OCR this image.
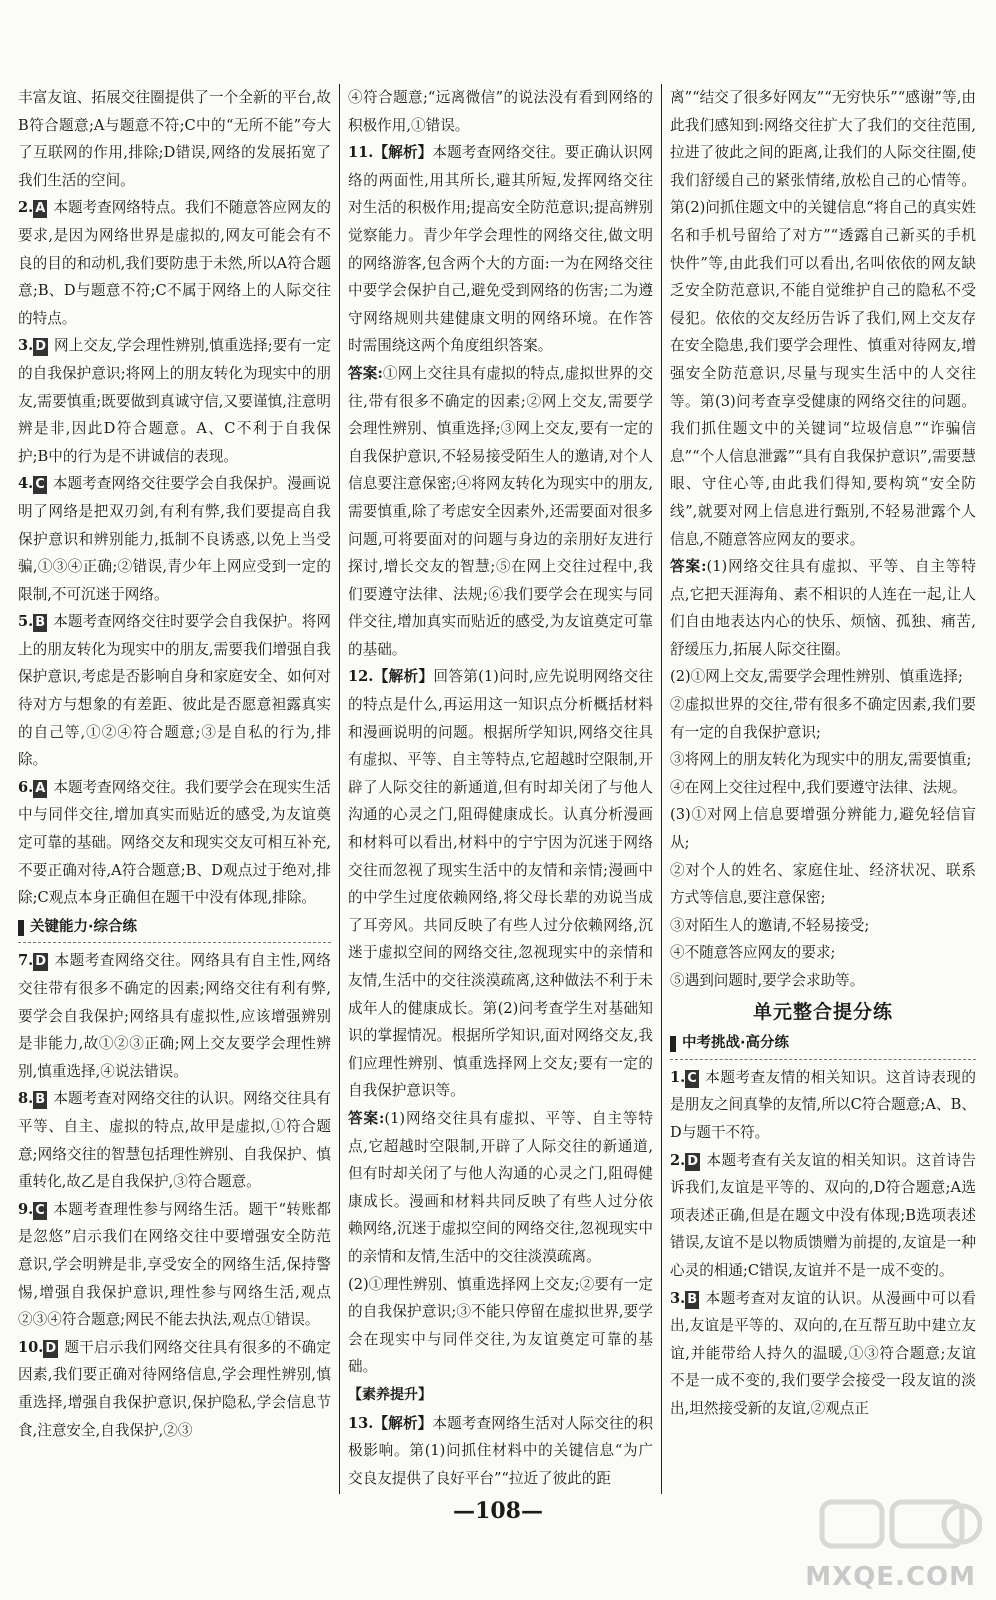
丰富友谊、拓展交往圈提供了一个全新的平台,故B符合题意;A与题意不符;C中的“无所不能”夸大了互联网的作用,排除;D错误,网络的发展拓宽了我们生活的空间。

2. A 本题考查网络特点。我们不随意答应网友的要求,是因为网络世界是虚拟的,网友可能会有不良的目的和动机,我们要防患于未然,所以A符合题意;B、D与题意不符;C不属于网络上的人际交往的特点。

3. D 网上交友,学会理性辨别,慎重选择;要有一定的自我保护意识;将网上的朋友转化为现实中的朋友,需要慎重;既要做到真诚守信,又要谨慎,注意明辨是非,因此D符合题意。A、C不利于自我保护;B中的行为是不讲诚信的表现。

4. C 本题考查网络交往要学会自我保护。漫画说明了网络是把双刃剑,有利有弊,我们要提高自我保护意识和辨别能力,抵制不良诱惑,以免上当受骗,①③④正确;②错误,青少年上网应受到一定的限制,不可沉迷于网络。

5. B 本题考查网络交往时要学会自我保护。将网上的朋友转化为现实中的朋友,需要我们增强自我保护意识,考虑是否影响自身和家庭安全、如何对待对方与想象的有差距、彼此是否愿意袒露真实的自己等,①②④符合题意;③是自私的行为,排除。

6. A 本题考查网络交往。我们要学会在现实生活中与同伴交往,增加真实而贴近的感受,为友谊奠定可靠的基础。网络交友和现实交友可相互补充,不要正确对待,A符合题意;B、D观点过于绝对,排除;C观点本身正确但在题干中没有体现,排除。

关键能力·综合练

7. D 本题考查网络交往。网络具有自主性,网络交往带有很多不确定的因素;网络交往有利有弊,要学会自我保护;网络具有虚拟性,应该增强辨别是非能力,故①②③正确;网上交友要学会理性辨别,慎重选择,④说法错误。

8. B 本题考查对网络交往的认识。网络交往具有平等、自主、虚拟的特点,故甲是虚拟,①符合题意;网络交往的智慧包括理性辨别、自我保护、慎重转化,故乙是自我保护,③符合题意。

9. C 本题考查理性参与网络生活。题干“转账都是忽悠”启示我们在网络交往中要增强安全防范意识,学会明辨是非,享受安全的网络生活,保持警惕,增强自我保护意识,理性参与网络生活,观点②③④符合题意;网民不能去执法,观点①错误。

10. D 题干启示我们网络交往具有很多的不确定因素,我们要正确对待网络信息,学会理性辨别,慎重选择,增强自我保护意识,保护隐私,学会信息节食,注意安全,自我保护,②③

④符合题意;“远离微信”的说法没有看到网络的积极作用,①错误。

11.【解析】本题考查网络交往。要正确认识网络的两面性,用其所长,避其所短,发挥网络交往对生活的积极作用;提高安全防范意识;提高辨别觉察能力。青少年学会理性的网络交往,做文明的网络游客,包含两个大的方面:一为在网络交往中要学会保护自己,避免受到网络的伤害;二为遵守网络规则共建健康文明的网络环境。在作答时需围绕这两个角度组织答案。

答案:①网上交往具有虚拟的特点,虚拟世界的交往,带有很多不确定的因素;②网上交友,需要学会理性辨别、慎重选择;③网上交友,要有一定的自我保护意识,不轻易接受陌生人的邀请,对个人信息要注意保密;④将网友转化为现实中的朋友,需要慎重,除了考虑安全因素外,还需要面对很多问题,可将要面对的问题与身边的亲朋好友进行探讨,增长交友的智慧;⑤在网上交往过程中,我们要遵守法律、法规;⑥我们要学会在现实与同伴交往,增加真实而贴近的感受,为友谊奠定可靠的基础。

12.【解析】回答第(1)问时,应先说明网络交往的特点是什么,再运用这一知识点分析概括材料和漫画说明的问题。根据所学知识,网络交往具有虚拟、平等、自主等特点,它超越时空限制,开辟了人际交往的新通道,但有时却关闭了与他人沟通的心灵之门,阻碍健康成长。认真分析漫画和材料可以看出,材料中的宁宁因为沉迷于网络交往而忽视了现实生活中的友情和亲情;漫画中的中学生过度依赖网络,将父母长辈的劝说当成了耳旁风。共同反映了有些人过分依赖网络,沉迷于虚拟空间的网络交往,忽视现实中的亲情和友情,生活中的交往淡漠疏离,这种做法不利于未成年人的健康成长。第(2)问考查学生对基础知识的掌握情况。根据所学知识,面对网络交友,我们应理性辨别、慎重选择网上交友;要有一定的自我保护意识等。

答案:(1)网络交往具有虚拟、平等、自主等特点,它超越时空限制,开辟了人际交往的新通道,但有时却关闭了与他人沟通的心灵之门,阻碍健康成长。漫画和材料共同反映了有些人过分依赖网络,沉迷于虚拟空间的网络交往,忽视现实中的亲情和友情,生活中的交往淡漠疏离。

(2)①理性辨别、慎重选择网上交友;②要有一定的自我保护意识;③不能只停留在虚拟世界,要学会在现实中与同伴交往,为友谊奠定可靠的基础。

【素养提升】

13.【解析】本题考查网络生活对人际交往的积极影响。第(1)问抓住材料中的关键信息“为广交良友提供了良好平台”“拉近了彼此的距

离”“结交了很多好网友”“无穷快乐”“感谢”等,由此我们感知到:网络交往扩大了我们的交往范围,拉进了彼此之间的距离,让我们的人际交往圈,使我们舒缓自己的紧张情绪,放松自己的心情等。第(2)问抓住题文中的关键信息“将自己的真实姓名和手机号留给了对方”“透露自己新买的手机快件”等,由此我们可以看出,名叫依依的网友缺乏安全防范意识,不能自觉维护自己的隐私不受侵犯。依依的交友经历告诉了我们,网上交友存在安全隐患,我们要学会理性、慎重对待网友,增强安全防范意识,尽量与现实生活中的人交往等。第(3)问考查享受健康的网络交往的问题。我们抓住题文中的关键词“垃圾信息”“诈骗信息”“个人信息泄露”“具有自我保护意识”,需要慧眼、守住心等,由此我们得知,要构筑“安全防线”,就要对网上信息进行甄别,不轻易泄露个人信息,不随意答应网友的要求。

答案:(1)网络交往具有虚拟、平等、自主等特点,它把天涯海角、素不相识的人连在一起,让人们自由地表达内心的快乐、烦恼、孤独、痛苦,舒缓压力,拓展人际交往圈。

(2)①网上交友,需要学会理性辨别、慎重选择;

②虚拟世界的交往,带有很多不确定因素,我们要有一定的自我保护意识;

③将网上的朋友转化为现实中的朋友,需要慎重;

④在网上交往过程中,我们要遵守法律、法规。

(3)①对网上信息要增强分辨能力,避免轻信盲从;

②对个人的姓名、家庭住址、经济状况、联系方式等信息,要注意保密;

③对陌生人的邀请,不轻易接受;

④不随意答应网友的要求;

⑤遇到问题时,要学会求助等。

单元整合提分练
中考挑战·高分练

1. C 本题考查友情的相关知识。这首诗表现的是朋友之间真挚的友情,所以C符合题意;A、B、D与题干不符。

2. D 本题考查有关友谊的相关知识。这首诗告诉我们,友谊是平等的、双向的,D符合题意;A选项表述正确,但是在题文中没有体现;B选项表述错误,友谊不是以物质馈赠为前提的,友谊是一种心灵的相通;C错误,友谊并不是一成不变的。

3. B 本题考查对友谊的认识。从漫画中可以看出,友谊是平等的、双向的,在互帮互助中建立友谊,并能带给人持久的温暖,①③符合题意;友谊不是一成不变的,我们要学会接受一段友谊的淡出,坦然接受新的友谊,②观点正

—108—
MXQE.COM
